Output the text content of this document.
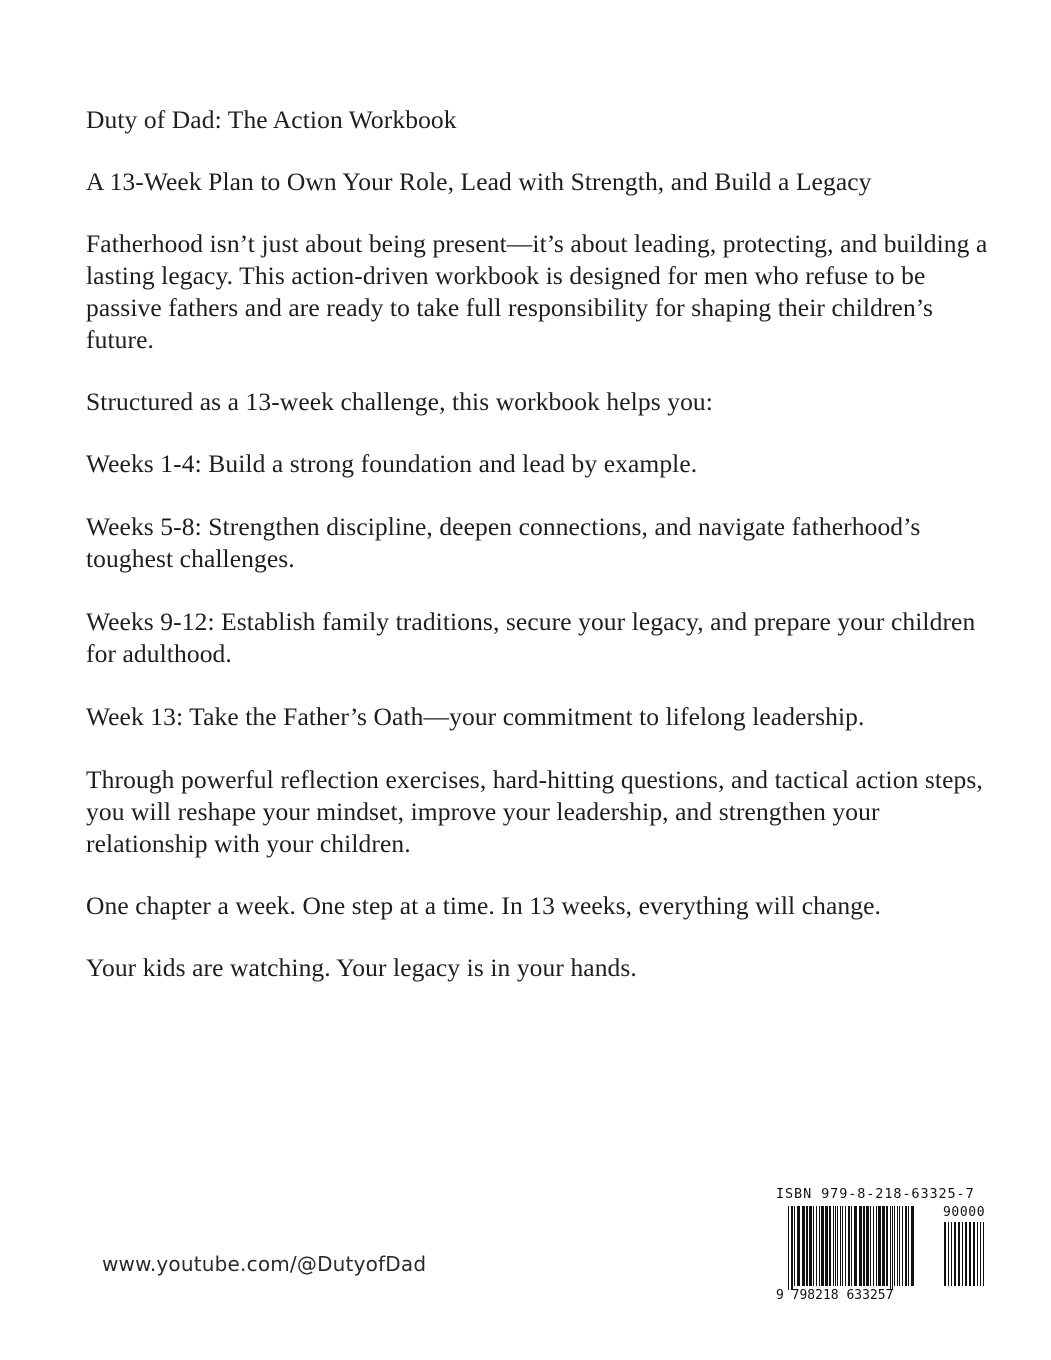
Duty of Dad: The Action Workbook

A 13-Week Plan to Own Your Role, Lead with Strength, and Build a Legacy

Fatherhood isn’t just about being present—it’s about leading, protecting, and building a lasting legacy. This action-driven workbook is designed for men who refuse to be passive fathers and are ready to take full responsibility for shaping their children’s future.

Structured as a 13-week challenge, this workbook helps you:

Weeks 1-4: Build a strong foundation and lead by example.

Weeks 5-8: Strengthen discipline, deepen connections, and navigate fatherhood’s toughest challenges.

Weeks 9-12: Establish family traditions, secure your legacy, and prepare your children for adulthood.

Week 13: Take the Father’s Oath—your commitment to lifelong leadership.

Through powerful reflection exercises, hard-hitting questions, and tactical action steps, you will reshape your mindset, improve your leadership, and strengthen your relationship with your children.

One chapter a week. One step at a time. In 13 weeks, everything will change.

Your kids are watching. Your legacy is in your hands.

www.youtube.com/@DutyofDad
ISBN 979-8-218-63325-7
90000
9 798218 633257
